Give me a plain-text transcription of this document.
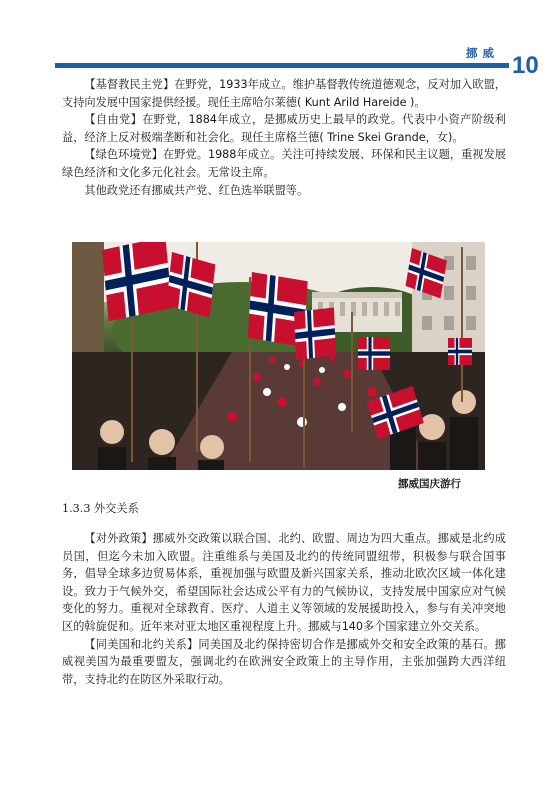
挪威 10

【基督教民主党】在野党，1933年成立。维护基督教传统道德观念，反对加入欧盟，支持向发展中国家提供经援。现任主席哈尔莱德( Kunt Arild Hareide )。

【自由党】在野党，1884年成立，是挪威历史上最早的政党。代表中小资产阶级利益，经济上反对极端垄断和社会化。现任主席格兰德( Trine Skei Grande，女)。

【绿色环境党】在野党。1988年成立。关注可持续发展、环保和民主议题，重视发展绿色经济和文化多元化社会。无常设主席。

其他政党还有挪威共产党、红色选举联盟等。

挪威国庆游行
1.3.3 外交关系

【对外政策】挪威外交政策以联合国、北约、欧盟、周边为四大重点。挪威是北约成员国，但迄今未加入欧盟。注重维系与美国及北约的传统同盟纽带，积极参与联合国事务，倡导全球多边贸易体系，重视加强与欧盟及新兴国家关系，推动北欧次区域一体化建设。致力于气候外交，希望国际社会达成公平有力的气候协议，支持发展中国家应对气候变化的努力。重视对全球教育、医疗、人道主义等领域的发展援助投入，参与有关冲突地区的斡旋促和。近年来对亚太地区重视程度上升。挪威与140多个国家建立外交关系。

【同美国和北约关系】同美国及北约保持密切合作是挪威外交和安全政策的基石。挪威视美国为最重要盟友，强调北约在欧洲安全政策上的主导作用，主张加强跨大西洋纽带，支持北约在防区外采取行动。
